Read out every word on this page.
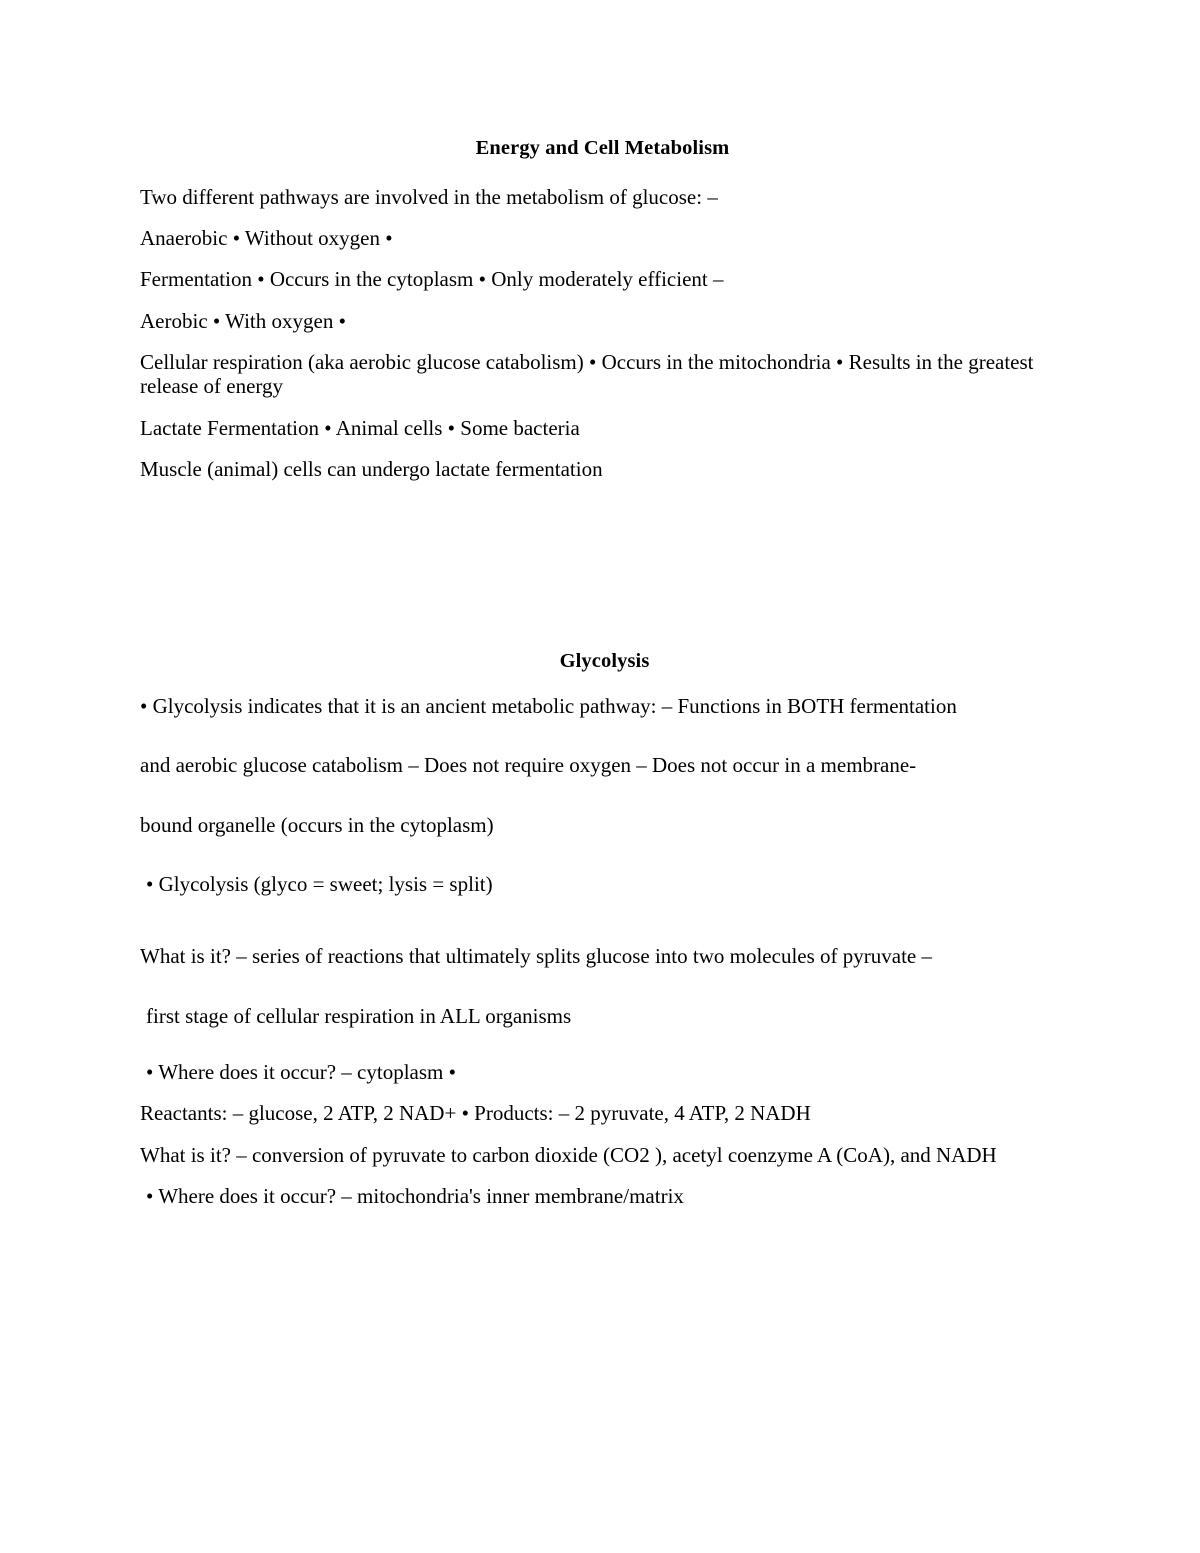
Energy and Cell Metabolism

Two different pathways are involved in the metabolism of glucose: –

Anaerobic • Without oxygen •

Fermentation • Occurs in the cytoplasm • Only moderately efficient –

Aerobic • With oxygen •

Cellular respiration (aka aerobic glucose catabolism) • Occurs in the mitochondria • Results in the greatest release of energy

Lactate Fermentation • Animal cells • Some bacteria

Muscle (animal) cells can undergo lactate fermentation

Glycolysis

• Glycolysis indicates that it is an ancient metabolic pathway: – Functions in BOTH fermentation

and aerobic glucose catabolism – Does not require oxygen – Does not occur in a membrane-

bound organelle (occurs in the cytoplasm)

• Glycolysis (glyco = sweet; lysis = split)

What is it? – series of reactions that ultimately splits glucose into two molecules of pyruvate –

first stage of cellular respiration in ALL organisms

• Where does it occur? – cytoplasm •

Reactants: – glucose, 2 ATP, 2 NAD+ • Products: – 2 pyruvate, 4 ATP, 2 NADH

What is it? – conversion of pyruvate to carbon dioxide (CO2 ), acetyl coenzyme A (CoA), and NADH

• Where does it occur? – mitochondria's inner membrane/matrix
